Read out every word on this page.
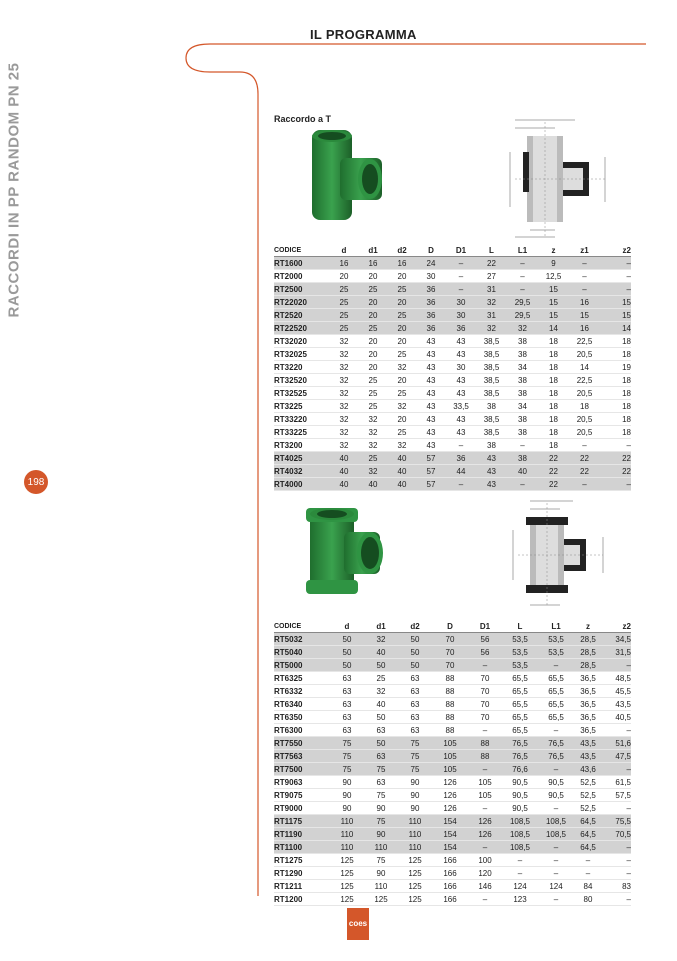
RACCORDI IN PP RANDOM PN 25
198
IL PROGRAMMA
Raccordo a T
CODICE	d	d1	d2	D	D1	L	L1	z	z1	z2
RT1600	16	16	16	24	–	22	–	9	–	–
RT2000	20	20	20	30	–	27	–	12,5	–	–
RT2500	25	25	25	36	–	31	–	15	–	–
RT22020	25	20	20	36	30	32	29,5	15	16	15
RT2520	25	20	25	36	30	31	29,5	15	15	15
RT22520	25	25	20	36	36	32	32	14	16	14
RT32020	32	20	20	43	43	38,5	38	18	22,5	18
RT32025	32	20	25	43	43	38,5	38	18	20,5	18
RT3220	32	20	32	43	30	38,5	34	18	14	19
RT32520	32	25	20	43	43	38,5	38	18	22,5	18
RT32525	32	25	25	43	43	38,5	38	18	20,5	18
RT3225	32	25	32	43	33,5	38	34	18	18	18
RT33220	32	32	20	43	43	38,5	38	18	20,5	18
RT33225	32	32	25	43	43	38,5	38	18	20,5	18
RT3200	32	32	32	43	–	38	–	18	–	–
RT4025	40	25	40	57	36	43	38	22	22	22
RT4032	40	32	40	57	44	43	40	22	22	22
RT4000	40	40	40	57	–	43	–	22	–	–
CODICE	d	d1	d2	D	D1	L	L1	z	z2
RT5032	50	32	50	70	56	53,5	53,5	28,5	34,5
RT5040	50	40	50	70	56	53,5	53,5	28,5	31,5
RT5000	50	50	50	70	–	53,5	–	28,5	–
RT6325	63	25	63	88	70	65,5	65,5	36,5	48,5
RT6332	63	32	63	88	70	65,5	65,5	36,5	45,5
RT6340	63	40	63	88	70	65,5	65,5	36,5	43,5
RT6350	63	50	63	88	70	65,5	65,5	36,5	40,5
RT6300	63	63	63	88	–	65,5	–	36,5	–
RT7550	75	50	75	105	88	76,5	76,5	43,5	51,6
RT7563	75	63	75	105	88	76,5	76,5	43,5	47,5
RT7500	75	75	75	105	–	76,6	–	43,6	–
RT9063	90	63	90	126	105	90,5	90,5	52,5	61,5
RT9075	90	75	90	126	105	90,5	90,5	52,5	57,5
RT9000	90	90	90	126	–	90,5	–	52,5	–
RT1175	110	75	110	154	126	108,5	108,5	64,5	75,5
RT1190	110	90	110	154	126	108,5	108,5	64,5	70,5
RT1100	110	110	110	154	–	108,5	–	64,5	–
RT1275	125	75	125	166	100	–	–	–	–
RT1290	125	90	125	166	120	–	–	–	–
RT1211	125	110	125	166	146	124	124	84	83
RT1200	125	125	125	166	–	123	–	80	–
coes
